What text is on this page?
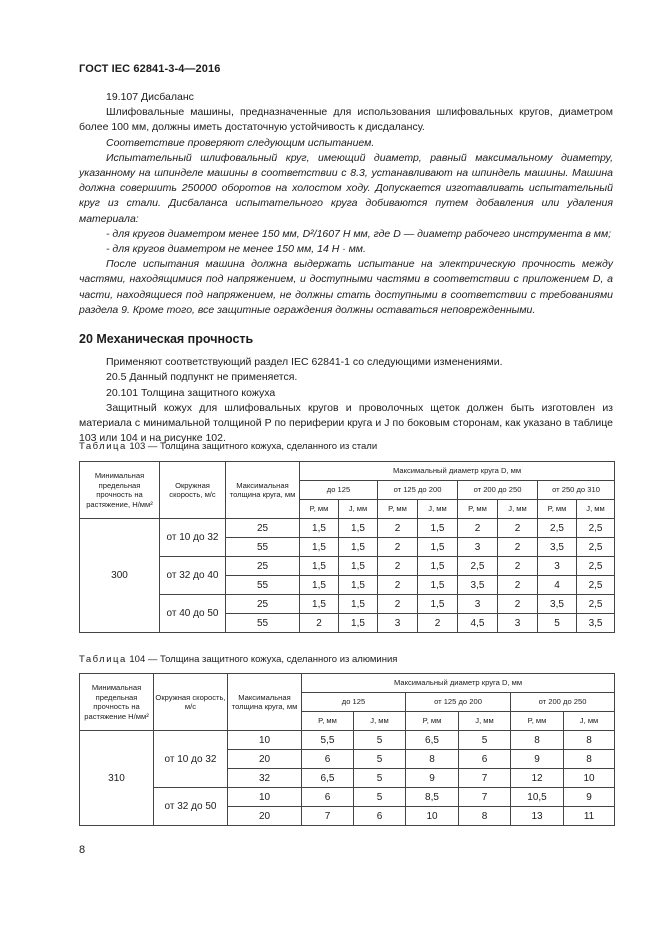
ГОСТ IEC 62841-3-4—2016

19.107 Дисбаланс

Шлифовальные машины, предназначенные для использования шлифовальных кругов, диаметром более 100 мм, должны иметь достаточную устойчивость к дисдалансу.

Соответствие проверяют следующим испытанием.

Испытательный шлифовальный круг, имеющий диаметр, равный максимальному диаметру, указанному на шпинделе машины в соответствии с 8.3, устанавливают на шпиндель машины. Машина должна совершить 250000 оборотов на холостом ходу. Допускается изготавливать испытательный круг из стали. Дисбаланса испытательного круга добиваются путем добавления или удаления материала:

- для кругов диаметром менее 150 мм, D²/1607 H мм, где D — диаметр рабочего инструмента в мм;

- для кругов диаметром не менее 150 мм, 14 H · мм.

После испытания машина должна выдержать испытание на электрическую прочность между частями, находящимися под напряжением, и доступными частями в соответствии с приложением D, а части, находящиеся под напряжением, не должны стать доступными в соответствии с требованиями раздела 9. Кроме того, все защитные ограждения должны оставаться неповрежденными.

20 Механическая прочность

Применяют соответствующий раздел IEC 62841-1 со следующими изменениями.

20.5 Данный подпункт не применяется.

20.101 Толщина защитного кожуха

Защитный кожух для шлифовальных кругов и проволочных щеток должен быть изготовлен из материала с минимальной толщиной P по периферии круга и J по боковым сторонам, как указано в таблице 103 или 104 и на рисунке 102.

Таблица 103 — Толщина защитного кожуха, сделанного из стали
Минимальная предельная прочность на растяжение, Н/мм²	Окружная скорость, м/с	Максимальная толщина круга, мм	Максимальный диаметр круга D, мм							
			до 125		от 125 до 200		от 200 до 250		от 250 до 310	
			P, мм	J, мм	P, мм	J, мм	P, мм	J, мм	P, мм	J, мм
300	от 10 до 32	25	1,5	1,5	2	1,5	2	2	2,5	2,5
		55	1,5	1,5	2	1,5	3	2	3,5	2,5
	от 32 до 40	25	1,5	1,5	2	1,5	2,5	2	3	2,5
		55	1,5	1,5	2	1,5	3,5	2	4	2,5
	от 40 до 50	25	1,5	1,5	2	1,5	3	2	3,5	2,5
		55	2	1,5	3	2	4,5	3	5	3,5
Таблица 104 — Толщина защитного кожуха, сделанного из алюминия
Минимальная предельная прочность на растяжение Н/мм²	Окружная скорость, м/с	Максимальная толщина круга, мм	Максимальный диаметр круга D, мм					
			до 125		от 125 до 200		от 200 до 250	
			P, мм	J, мм	P, мм	J, мм	P, мм	J, мм
310	от 10 до 32	10	5,5	5	6,5	5	8	8
		20	6	5	8	6	9	8
		32	6,5	5	9	7	12	10
	от 32 до 50	10	6	5	8,5	7	10,5	9
		20	7	6	10	8	13	11
8
